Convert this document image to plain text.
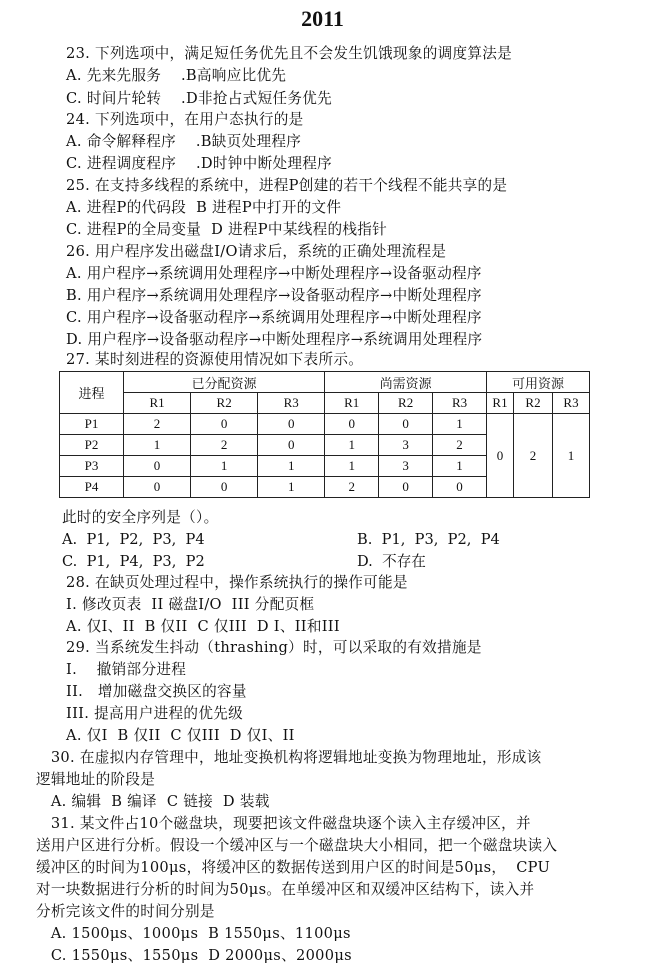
2011
23. 下列选项中，满足短任务优先且不会发生饥饿现象的调度算法是
A. 先来先服务    .B高响应比优先
C. 时间片轮转    .D非抢占式短任务优先
24. 下列选项中，在用户态执行的是
A. 命令解释程序    .B缺页处理程序
C. 进程调度程序    .D时钟中断处理程序
25. 在支持多线程的系统中，进程P创建的若干个线程不能共享的是
A. 进程P的代码段  B 进程P中打开的文件
C. 进程P的全局变量  D 进程P中某线程的栈指针
26. 用户程序发出磁盘I/O请求后，系统的正确处理流程是
A. 用户程序→系统调用处理程序→中断处理程序→设备驱动程序
B. 用户程序→系统调用处理程序→设备驱动程序→中断处理程序
C. 用户程序→设备驱动程序→系统调用处理程序→中断处理程序
D. 用户程序→设备驱动程序→中断处理程序→系统调用处理程序
27. 某时刻进程的资源使用情况如下表所示。
进程	已分配资源			尚需资源			可用资源		
	R1	R2	R3	R1	R2	R3	R1	R2	R3
P1	2	0	0	0	0	1	0	2	1
P2	1	2	0	1	3	2			
P3	0	1	1	1	3	1			
P4	0	0	1	2	0	0			
此时的安全序列是（）。
A.  P1,  P2,  P3,  P4	B.  P1,  P3,  P2,  P4
C.  P1,  P4,  P3,  P2	D.  不存在
28. 在缺页处理过程中，操作系统执行的操作可能是
I. 修改页表  II 磁盘I/O  III 分配页框
A. 仅I、II  B 仅II  C 仅III  D I、II和III
29. 当系统发生抖动（thrashing）时，可以采取的有效措施是
I.    撤销部分进程
II.   增加磁盘交换区的容量
III. 提高用户进程的优先级
A. 仅I  B 仅II  C 仅III  D 仅I、II
30. 在虚拟内存管理中，地址变换机构将逻辑地址变换为物理地址，形成该
逻辑地址的阶段是
A. 编辑  B 编译  C 链接  D 装载
31. 某文件占10个磁盘块，现要把该文件磁盘块逐个读入主存缓冲区，并
送用户区进行分析。假设一个缓冲区与一个磁盘块大小相同，把一个磁盘块读入
缓冲区的时间为100μs，将缓冲区的数据传送到用户区的时间是50μs，  CPU
对一块数据进行分析的时间为50μs。在单缓冲区和双缓冲区结构下，读入并
分析完该文件的时间分别是
A. 1500μs、1000μs  B 1550μs、1100μs
C. 1550μs、1550μs  D 2000μs、2000μs
